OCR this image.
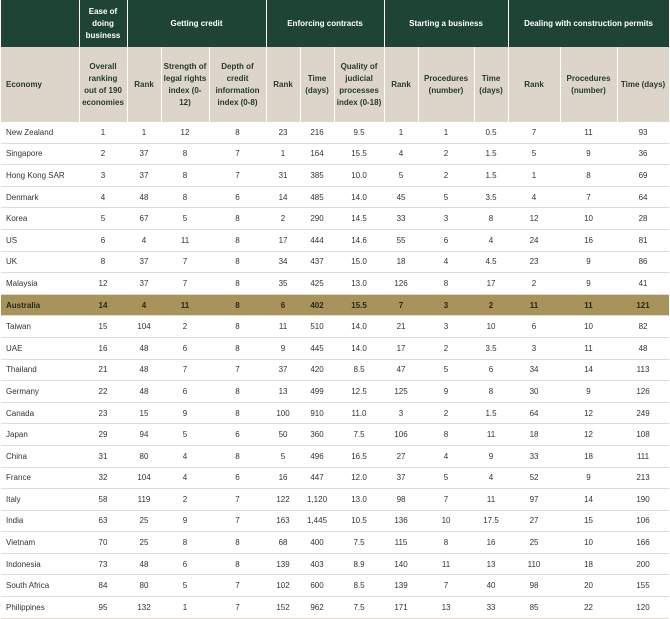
	Ease of doing business	Getting credit			Enforcing contracts			Starting a business			Dealing with construction permits		
Economy	Overall ranking out of 190 economies	Rank	Strength of legal rights index (0-12)	Depth of credit information index (0-8)	Rank	Time (days)	Quality of judicial processes index (0-18)	Rank	Procedures (number)	Time (days)	Rank	Procedures (number)	Time (days)
New Zealand	1	1	12	8	23	216	9.5	1	1	0.5	7	11	93
Singapore	2	37	8	7	1	164	15.5	4	2	1.5	5	9	36
Hong Kong SAR	3	37	8	7	31	385	10.0	5	2	1.5	1	8	69
Denmark	4	48	8	6	14	485	14.0	45	5	3.5	4	7	64
Korea	5	67	5	8	2	290	14.5	33	3	8	12	10	28
US	6	4	11	8	17	444	14.6	55	6	4	24	16	81
UK	8	37	7	8	34	437	15.0	18	4	4.5	23	9	86
Malaysia	12	37	7	8	35	425	13.0	126	8	17	2	9	41
Australia	14	4	11	8	6	402	15.5	7	3	2	11	11	121
Taiwan	15	104	2	8	11	510	14.0	21	3	10	6	10	82
UAE	16	48	6	8	9	445	14.0	17	2	3.5	3	11	48
Thailand	21	48	7	7	37	420	8.5	47	5	6	34	14	113
Germany	22	48	6	8	13	499	12.5	125	9	8	30	9	126
Canada	23	15	9	8	100	910	11.0	3	2	1.5	64	12	249
Japan	29	94	5	6	50	360	7.5	106	8	11	18	12	108
China	31	80	4	8	5	496	16.5	27	4	9	33	18	111
France	32	104	4	6	16	447	12.0	37	5	4	52	9	213
Italy	58	119	2	7	122	1,120	13.0	98	7	11	97	14	190
India	63	25	9	7	163	1,445	10.5	136	10	17.5	27	15	106
Vietnam	70	25	8	8	68	400	7.5	115	8	16	25	10	166
Indonesia	73	48	6	8	139	403	8.9	140	11	13	110	18	200
South Africa	84	80	5	7	102	600	8.5	139	7	40	98	20	155
Philippines	95	132	1	7	152	962	7.5	171	13	33	85	22	120
